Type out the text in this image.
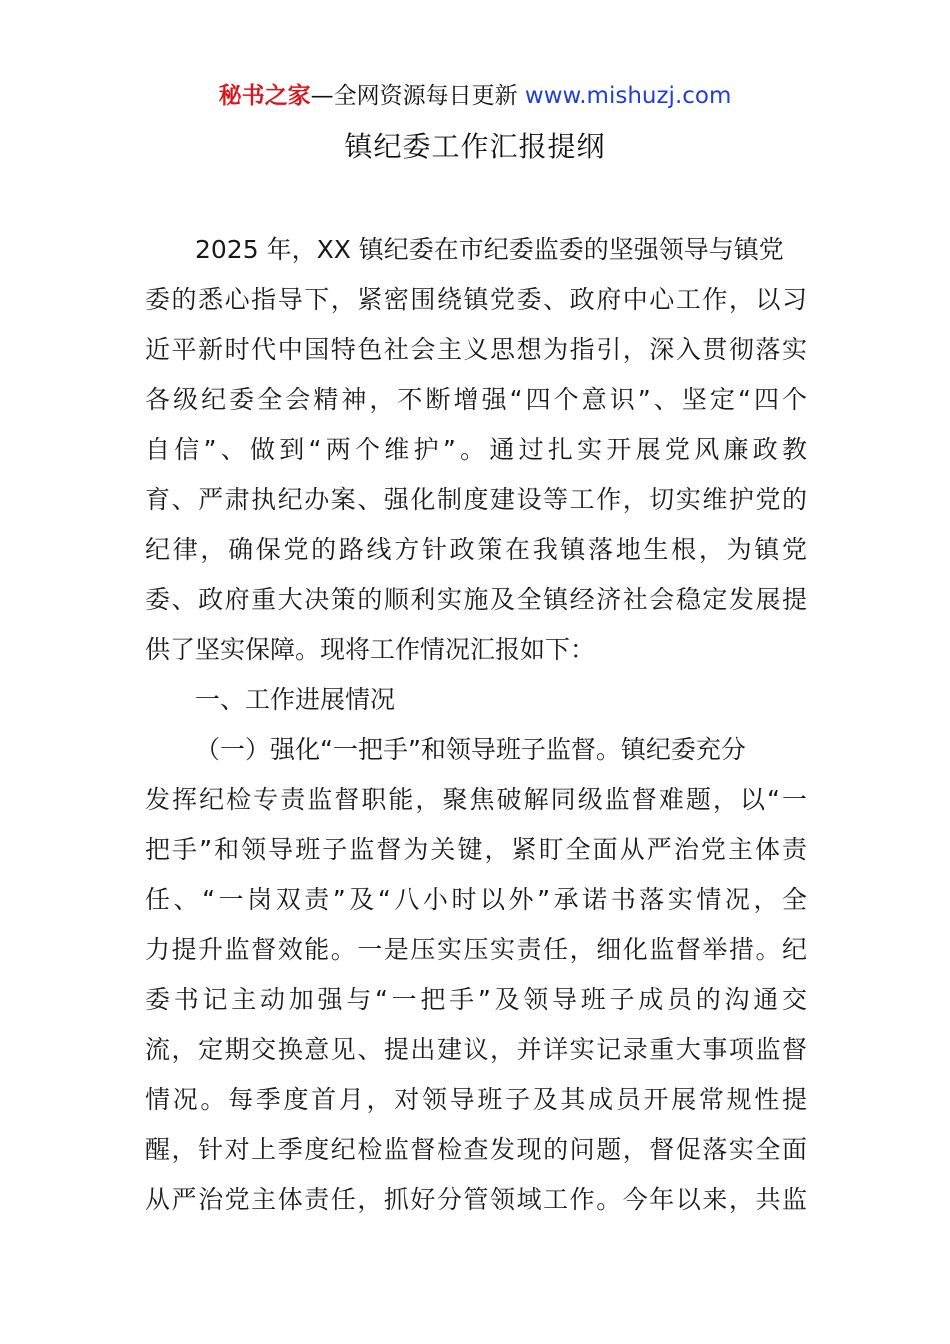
秘书之家—全网资源每日更新 www.mishuzj.com
镇纪委工作汇报提纲
2025 年，XX 镇纪委在市纪委监委的坚强领导与镇党
委的悉心指导下，紧密围绕镇党委、政府中心工作，以习
近平新时代中国特色社会主义思想为指引，深入贯彻落实
各级纪委全会精神，不断增强“四个意识”、坚定“四个
自信”、做到“两个维护”。通过扎实开展党风廉政教
育、严肃执纪办案、强化制度建设等工作，切实维护党的
纪律，确保党的路线方针政策在我镇落地生根，为镇党
委、政府重大决策的顺利实施及全镇经济社会稳定发展提
供了坚实保障。现将工作情况汇报如下：
一、工作进展情况
（一）强化“一把手”和领导班子监督。镇纪委充分
发挥纪检专责监督职能，聚焦破解同级监督难题，以“一
把手”和领导班子监督为关键，紧盯全面从严治党主体责
任、“一岗双责”及“八小时以外”承诺书落实情况，全
力提升监督效能。一是压实压实责任，细化监督举措。纪
委书记主动加强与“一把手”及领导班子成员的沟通交
流，定期交换意见、提出建议，并详实记录重大事项监督
情况。每季度首月，对领导班子及其成员开展常规性提
醒，针对上季度纪检监督检查发现的问题，督促落实全面
从严治党主体责任，抓好分管领域工作。今年以来，共监
